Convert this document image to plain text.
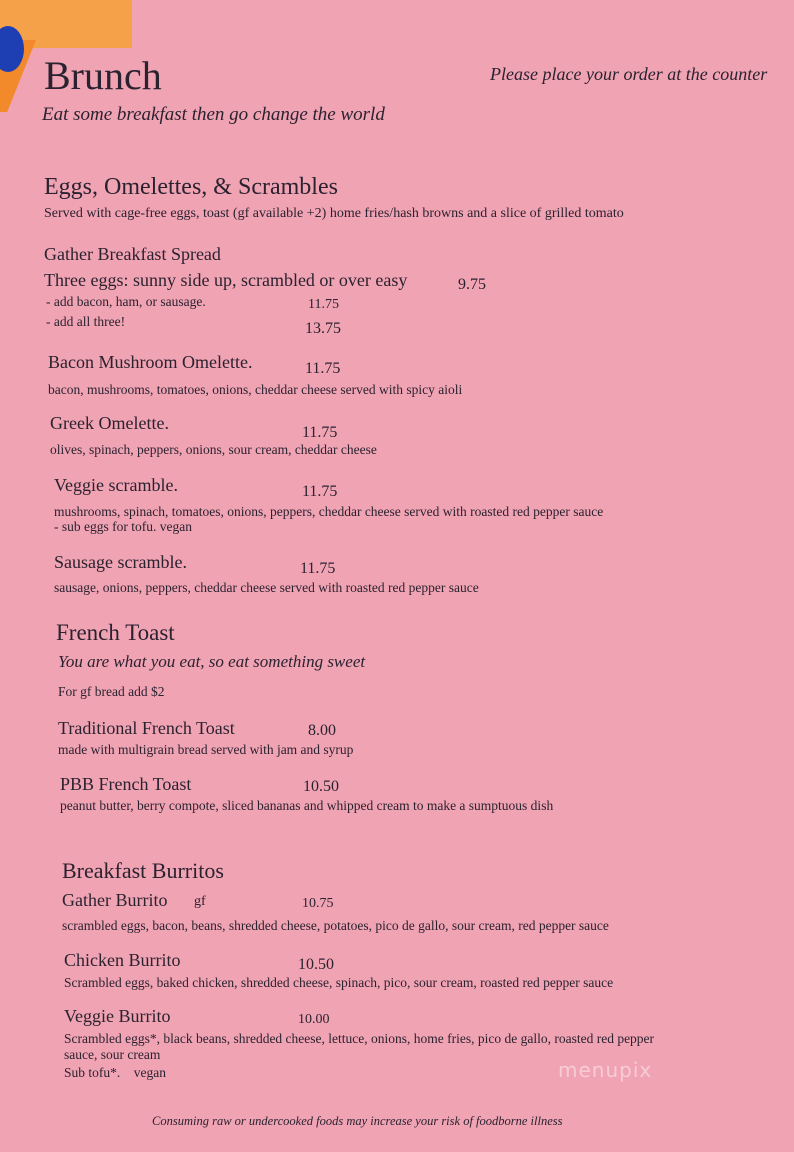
Brunch
Eat some breakfast then go change the world
Please place your order at the counter
Eggs, Omelettes, & Scrambles
Served with cage-free eggs, toast (gf available +2) home fries/hash browns and a slice of grilled tomato
Gather Breakfast Spread
Three eggs: sunny side up, scrambled or over easy	9.75
- add bacon, ham, or sausage.	11.75
- add all three!	13.75
Bacon Mushroom Omelette.	11.75
bacon, mushrooms, tomatoes, onions, cheddar cheese served with spicy aioli
Greek Omelette.	11.75
olives, spinach, peppers, onions, sour cream, cheddar cheese
Veggie scramble.	11.75
mushrooms, spinach, tomatoes, onions, peppers, cheddar cheese served with roasted red pepper sauce
- sub eggs for tofu. vegan
Sausage scramble.	11.75
sausage, onions, peppers, cheddar cheese served with roasted red pepper sauce
French Toast
You are what you eat, so eat something sweet
For gf bread add $2
Traditional French Toast	8.00
made with multigrain bread served with jam and syrup
PBB French Toast	10.50
peanut butter, berry compote, sliced bananas and whipped cream to make a sumptuous dish
Breakfast Burritos
Gather Burrito gf	10.75
scrambled eggs, bacon, beans, shredded cheese, potatoes, pico de gallo, sour cream, red pepper sauce
Chicken Burrito	10.50
Scrambled eggs, baked chicken, shredded cheese, spinach, pico, sour cream, roasted red pepper sauce
Veggie Burrito	10.00
Scrambled eggs*, black beans, shredded cheese, lettuce, onions, home fries, pico de gallo, roasted red pepper
sauce, sour cream
Sub tofu*.    vegan	menupix
Consuming raw or undercooked foods may increase your risk of foodborne illness
